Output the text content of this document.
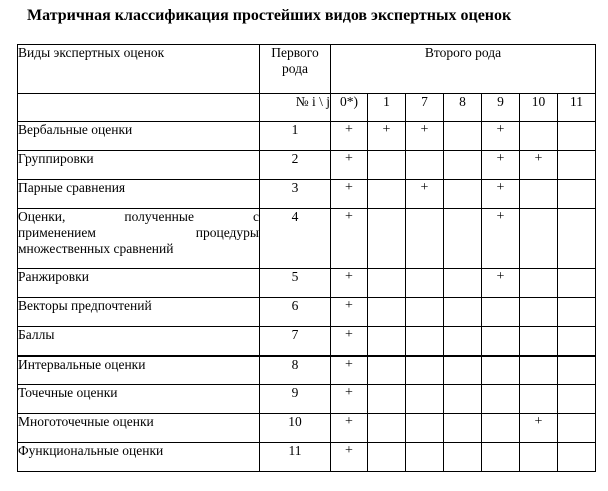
Матричная классификация простейших видов экспертных оценок
Виды экспертных оценок	Первого рода	Второго рода						
	№ i \ j	0*)	1	7	8	9	10	11
Вербальные оценки	1	+	+	+		+		
Группировки	2	+				+	+	
Парные сравнения	3	+		+		+		

Оценки, полученные с
применением процедуры
множественных сравнений	4	+				+		
Ранжировки	5	+				+		
Векторы предпочтений	6	+						
Баллы	7	+						
Интервальные оценки	8	+						
Точечные оценки	9	+						
Многоточечные оценки	10	+					+	
Функциональные оценки	11	+						
